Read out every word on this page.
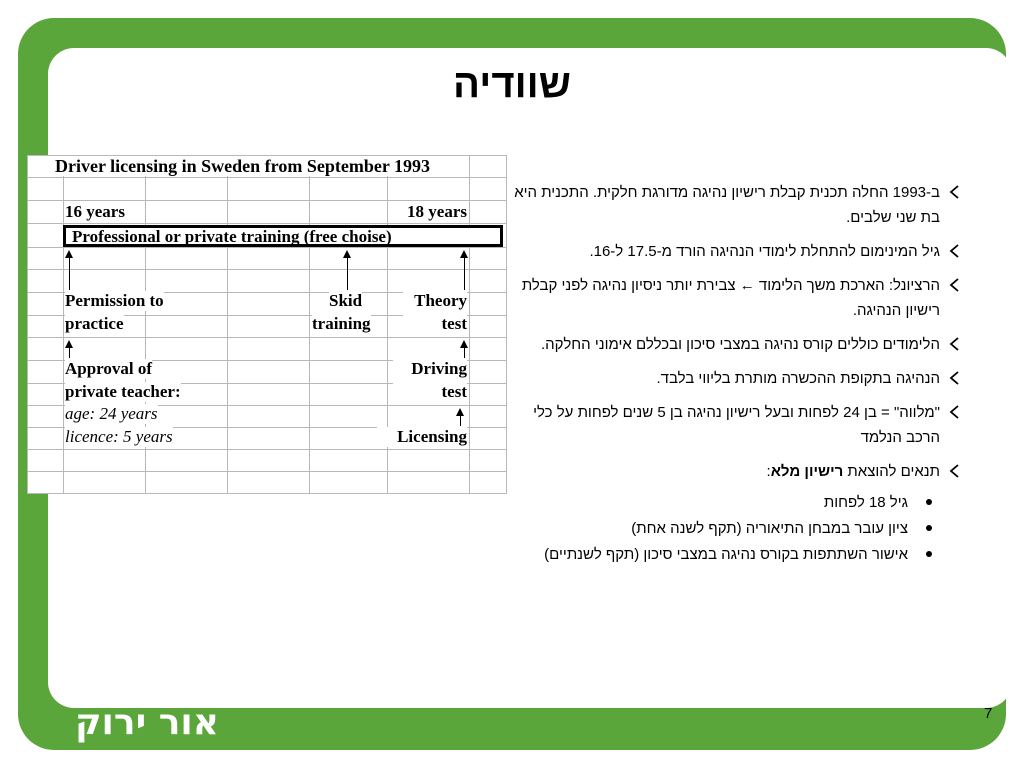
שוודיה
Driver licensing in Sweden from September 1993
16 years	18 years
Professional or private training (free choise)
Permission to
practice
Skid
training
Theory
test
Approval of
private teacher:
Driving
test
age: 24 years
licence: 5 years	Licensing
ב-1993 החלה תכנית קבלת רישיון נהיגה מדורגת חלקית. התכנית היא בת שני שלבים.
גיל המינימום להתחלת לימודי הנהיגה הורד מ-17.5 ל-16.
הרציונל: הארכת משך הלימוד ← צבירת יותר ניסיון נהיגה לפני קבלת רישיון הנהיגה.
הלימודים כוללים קורס נהיגה במצבי סיכון ובכללם אימוני החלקה.
הנהיגה בתקופת ההכשרה מותרת בליווי בלבד.
"מלווה" = בן 24 לפחות ובעל רישיון נהיגה בן 5 שנים לפחות על כלי הרכב הנלמד
תנאים להוצאת רישיון מלא:
גיל 18 לפחות
ציון עובר במבחן התיאוריה (תקף לשנה אחת)
אישור השתתפות בקורס נהיגה במצבי סיכון (תקף לשנתיים)
אור ירוק	7
